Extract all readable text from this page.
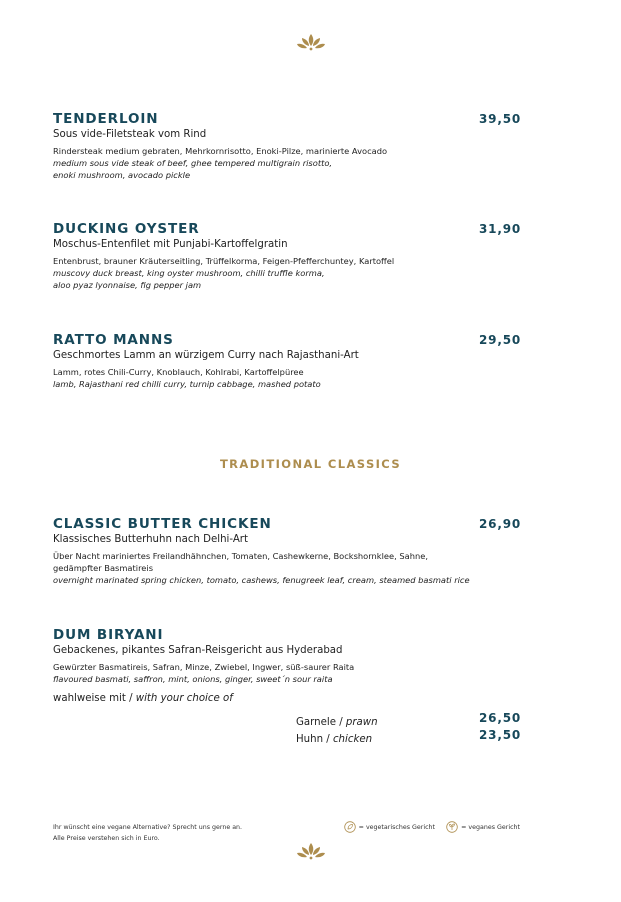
TENDERLOIN	39,50
Sous vide-Filetsteak vom Rind
Rindersteak medium gebraten, Mehrkornrisotto, Enoki-Pilze, marinierte Avocado
medium sous vide steak of beef, ghee tempered multigrain risotto,
enoki mushroom, avocado pickle
DUCKING OYSTER	31,90
Moschus-Entenfilet mit Punjabi-Kartoffelgratin
Entenbrust, brauner Kräuterseitling, Trüffelkorma, Feigen-Pfefferchuntey, Kartoffel
muscovy duck breast, king oyster mushroom, chilli truffle korma,
aloo pyaz lyonnaise, fig pepper jam
RATTO MANNS	29,50
Geschmortes Lamm an würzigem Curry nach Rajasthani-Art
Lamm, rotes Chili-Curry, Knoblauch, Kohlrabi, Kartoffelpüree
lamb, Rajasthani red chilli curry, turnip cabbage, mashed potato
TRADITIONAL CLASSICS
CLASSIC BUTTER CHICKEN	26,90
Klassisches Butterhuhn nach Delhi-Art
Über Nacht mariniertes Freilandhähnchen, Tomaten, Cashewkerne, Bockshornklee, Sahne,
gedämpfter Basmatireis
overnight marinated spring chicken, tomato, cashews, fenugreek leaf, cream, steamed basmati rice
DUM BIRYANI
Gebackenes, pikantes Safran-Reisgericht aus Hyderabad
Gewürzter Basmatireis, Safran, Minze, Zwiebel, Ingwer, süß-saurer Raita
flavoured basmati, saffron, mint, onions, ginger, sweet´n sour raita
wahlweise mit / with your choice of
Garnele / prawn	26,50
Huhn / chicken	23,50
Ihr wünscht eine vegane Alternative? Sprecht uns gerne an.
Alle Preise verstehen sich in Euro.
= vegetarisches Gericht	= veganes Gericht
